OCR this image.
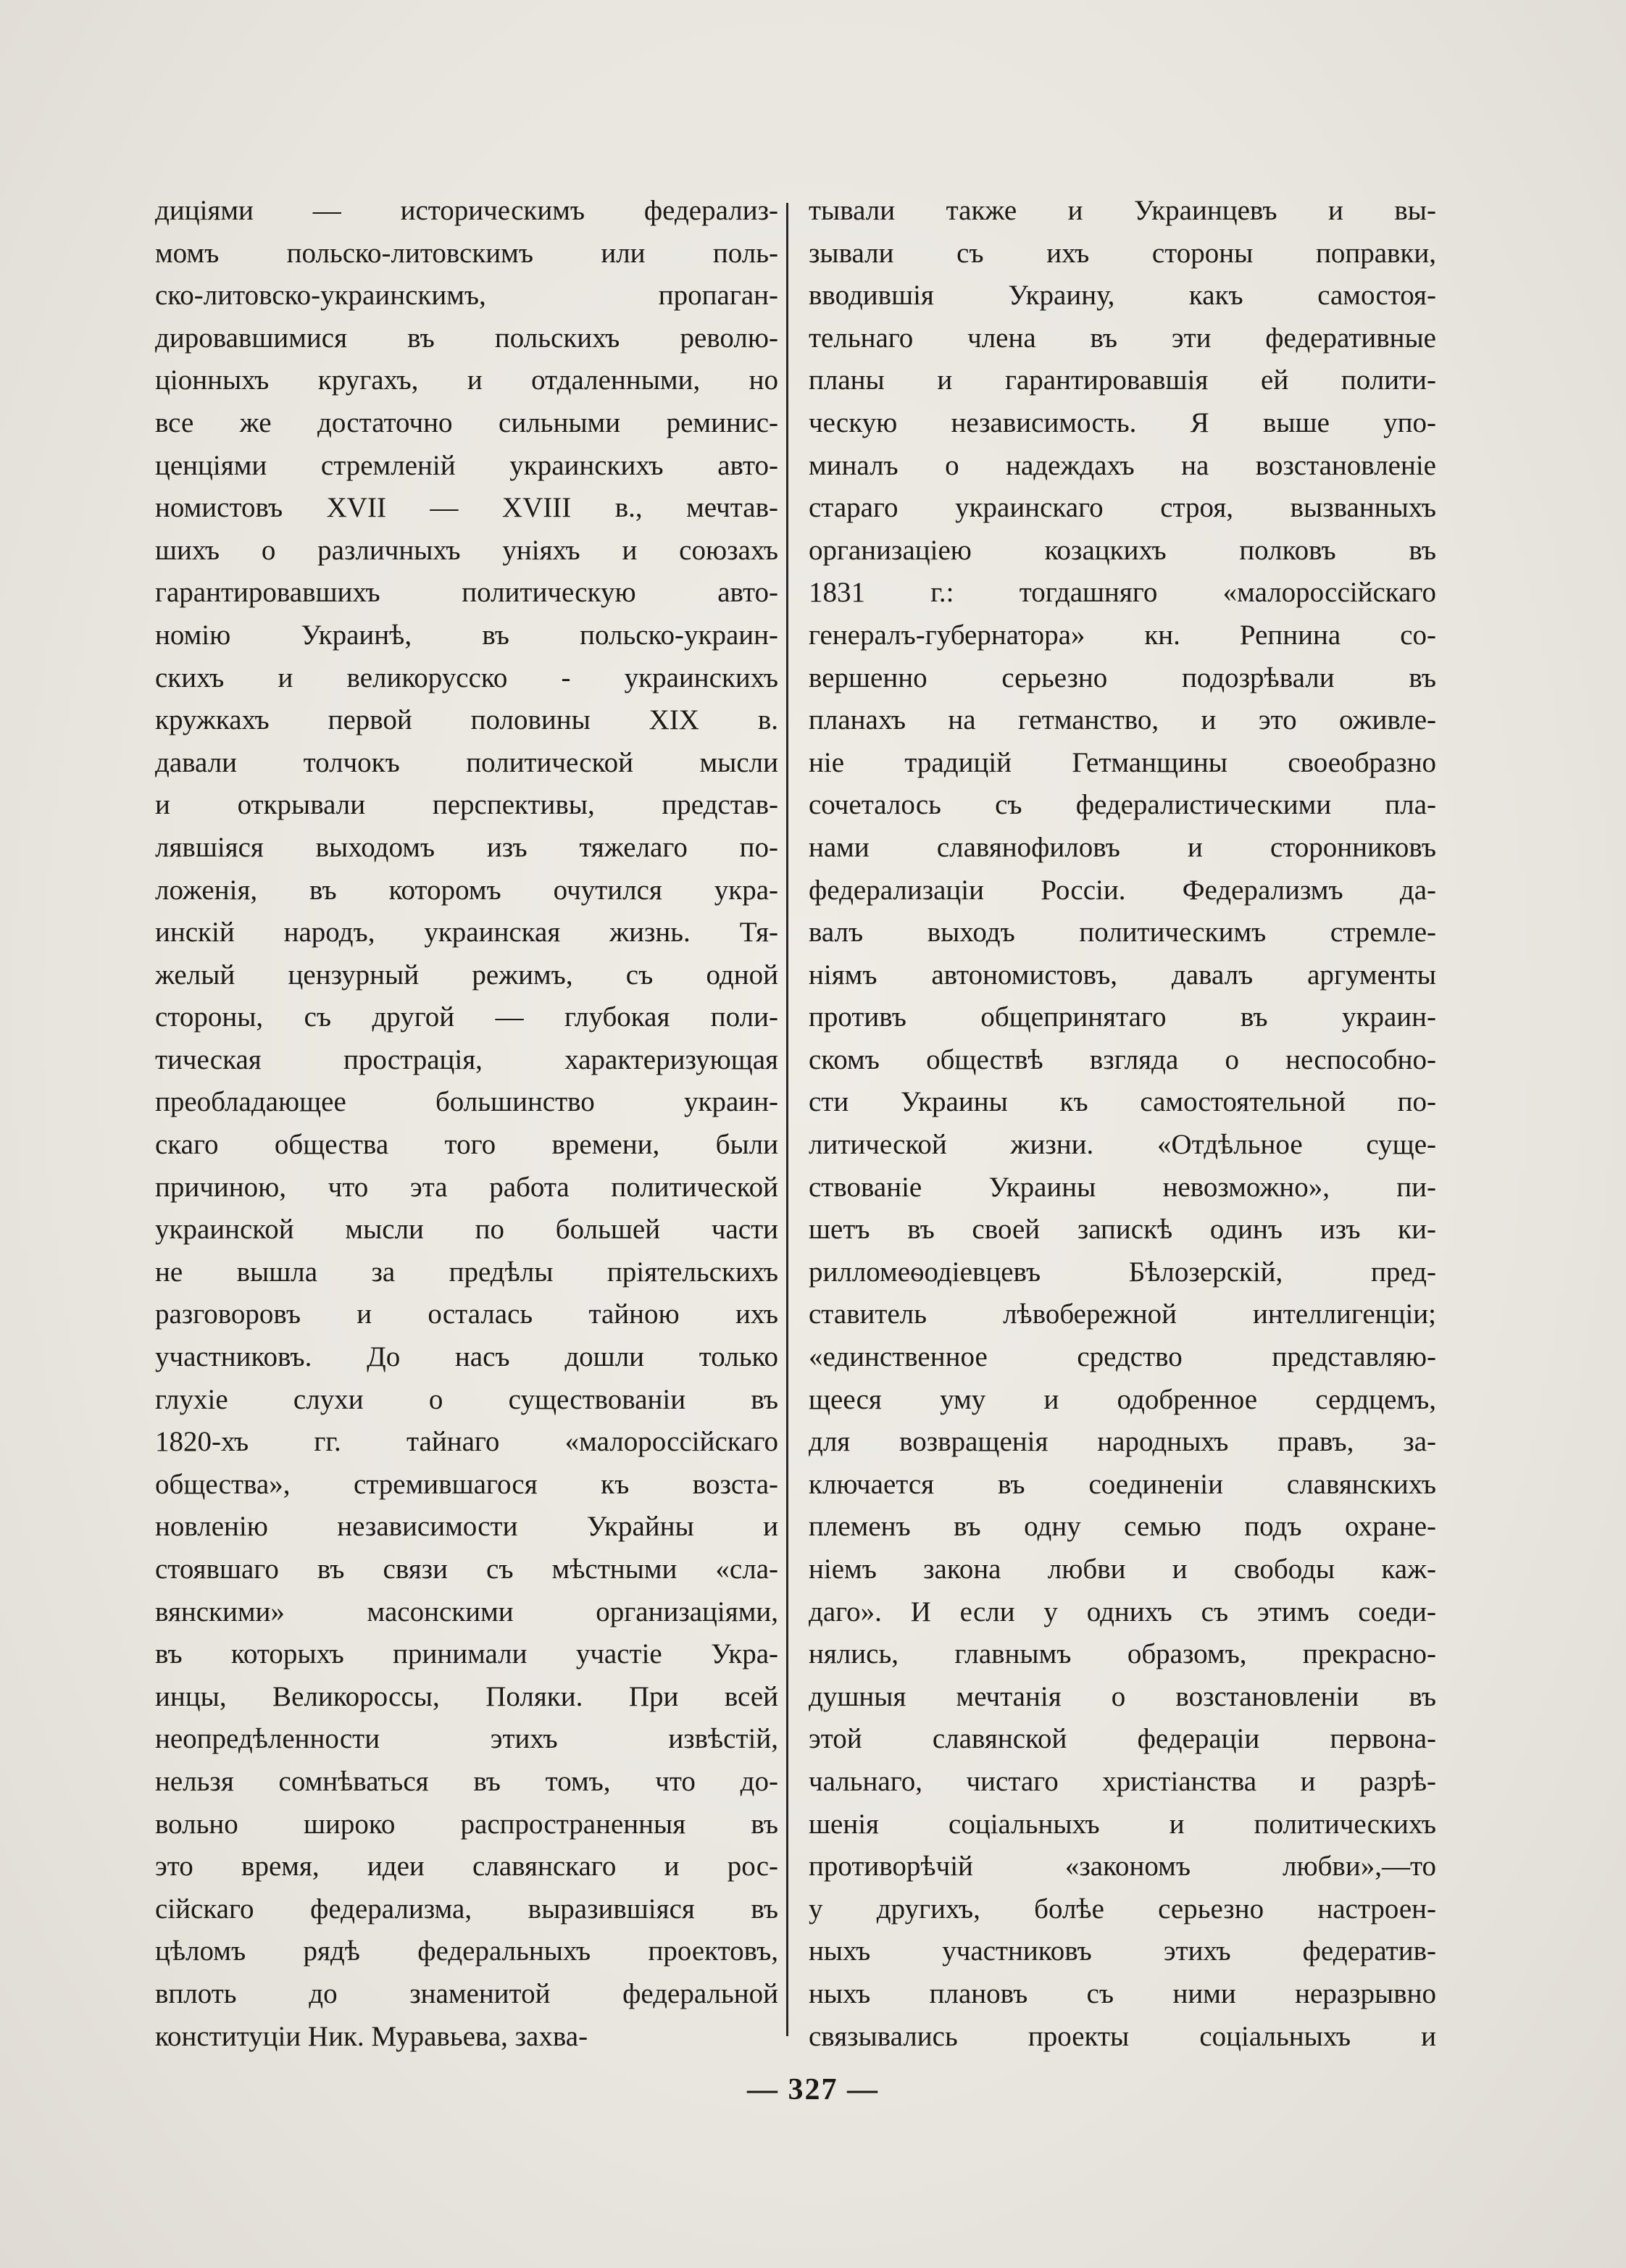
диціями — историческимъ федерализ-
момъ польско-литовскимъ или поль-
ско-литовско-украинскимъ, пропаган-
дировавшимися въ польскихъ револю-
ціонныхъ кругахъ, и отдаленными, но
все же достаточно сильными реминис-
ценціями стремленій украинскихъ авто-
номистовъ XVII — XVIII в., мечтав-
шихъ о различныхъ уніяхъ и союзахъ
гарантировавшихъ политическую авто-
номію Украинѣ, въ польско-украин-
скихъ и великорусско - украинскихъ
кружкахъ первой половины XIX в.
давали толчокъ политической мысли
и открывали перспективы, представ-
лявшіяся выходомъ изъ тяжелаго по-
ложенія, въ которомъ очутился укра-
инскій народъ, украинская жизнь. Тя-
желый цензурный режимъ, съ одной
стороны, съ другой — глубокая поли-
тическая прострація, характеризующая
преобладающее большинство украин-
скаго общества того времени, были
причиною, что эта работа политической
украинской мысли по большей части
не вышла за предѣлы пріятельскихъ
разговоровъ и осталась тайною ихъ
участниковъ. До насъ дошли только
глухіе слухи о существованіи въ
1820-хъ гг. тайнаго «малороссійскаго
общества», стремившагося къ возста-
новленію независимости Украйны и
стоявшаго въ связи съ мѣстными «сла-
вянскими» масонскими организаціями,
въ которыхъ принимали участіе Укра-
инцы, Великороссы, Поляки. При всей
неопредѣленности этихъ извѣстій,
нельзя сомнѣваться въ томъ, что до-
вольно широко распространенныя въ
это время, идеи славянскаго и рос-
сійскаго федерализма, выразившіяся въ
цѣломъ рядѣ федеральныхъ проектовъ,
вплоть до знаменитой федеральной
конституціи Ник. Муравьева, захва-
тывали также и Украинцевъ и вы-
зывали съ ихъ стороны поправки,
вводившія Украину, какъ самостоя-
тельнаго члена въ эти федеративные
планы и гарантировавшія ей полити-
ческую независимость. Я выше упо-
миналъ о надеждахъ на возстановленіе
стараго украинскаго строя, вызванныхъ
организаціею козацкихъ полковъ въ
1831 г.: тогдашняго «малороссійскаго
генералъ-губернатора» кн. Репнина со-
вершенно серьезно подозрѣвали въ
планахъ на гетманство, и это оживле-
ніе традицій Гетманщины своеобразно
сочеталось съ федералистическими пла-
нами славянофиловъ и сторонниковъ
федерализаціи Россіи. Федерализмъ да-
валъ выходъ политическимъ стремле-
ніямъ автономистовъ, давалъ аргументы
противъ общепринятаго въ украин-
скомъ обществѣ взгляда о неспособно-
сти Украины къ самостоятельной по-
литической жизни. «Отдѣльное суще-
ствованіе Украины невозможно», пи-
шетъ въ своей запискѣ одинъ изъ ки-
рилломеѳодіевцевъ Бѣлозерскій, пред-
ставитель лѣвобережной интеллигенціи;
«единственное средство представляю-
щееся уму и одобренное сердцемъ,
для возвращенія народныхъ правъ, за-
ключается въ соединеніи славянскихъ
племенъ въ одну семью подъ охране-
ніемъ закона любви и свободы каж-
даго». И если у однихъ съ этимъ соеди-
нялись, главнымъ образомъ, прекрасно-
душныя мечтанія о возстановленіи въ
этой славянской федераціи первона-
чальнаго, чистаго христіанства и разрѣ-
шенія соціальныхъ и политическихъ
противорѣчій «закономъ любви»,—то
у другихъ, болѣе серьезно настроен-
ныхъ участниковъ этихъ федератив-
ныхъ плановъ съ ними неразрывно
связывались проекты соціальныхъ и
— 327 —
